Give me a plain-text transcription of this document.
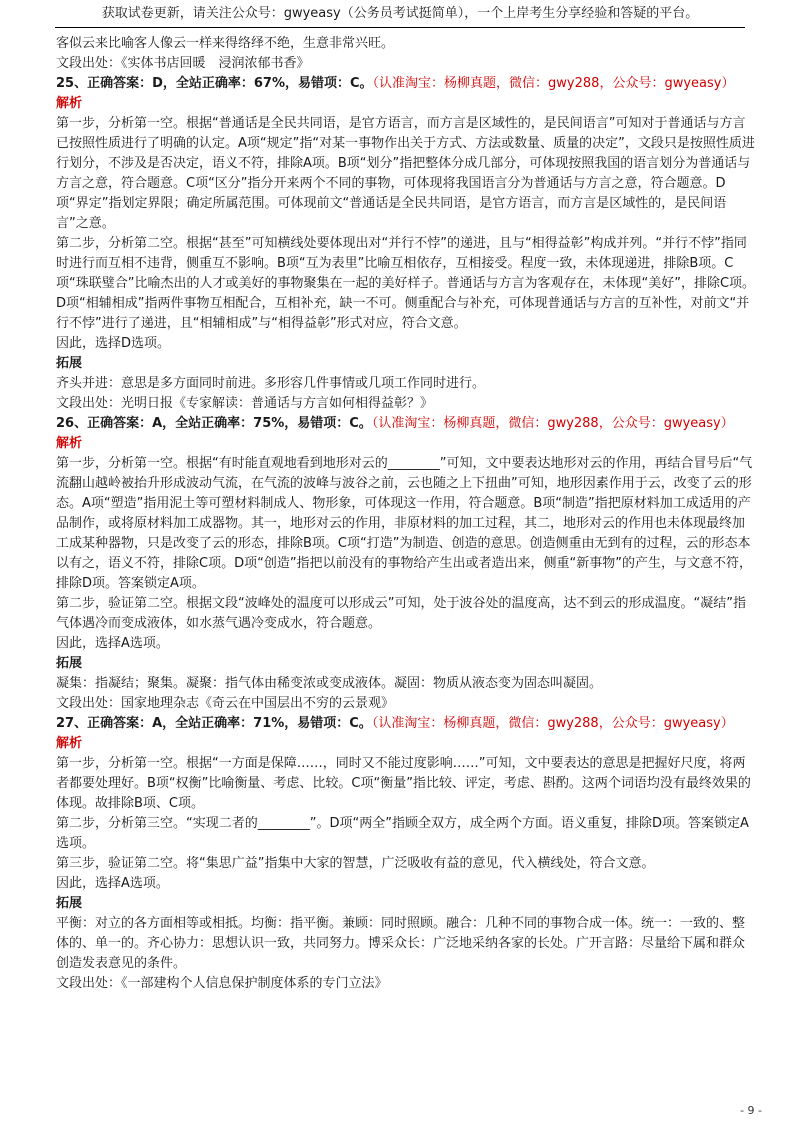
获取试卷更新，请关注公众号：gwyeasy（公务员考试挺简单），一个上岸考生分享经验和答疑的平台。

客似云来比喻客人像云一样来得络绎不绝，生意非常兴旺。

文段出处：《实体书店回暖　浸润浓郁书香》

25、正确答案：D，全站正确率：67%，易错项：C。（认准淘宝：杨柳真题，微信：gwy288，公众号：gwyeasy）

解析

第一步，分析第一空。根据“普通话是全民共同语，是官方语言，而方言是区域性的，是民间语言”可知对于普通话与方言已按照性质进行了明确的认定。A项“规定”指“对某一事物作出关于方式、方法或数量、质量的决定”，文段只是按照性质进行划分，不涉及是否决定，语义不符，排除A项。B项“划分”指把整体分成几部分，可体现按照我国的语言划分为普通话与方言之意，符合题意。C项“区分”指分开来两个不同的事物，可体现将我国语言分为普通话与方言之意，符合题意。D项“界定”指划定界限；确定所属范围。可体现前文“普通话是全民共同语，是官方语言，而方言是区域性的，是民间语言”之意。

第二步，分析第二空。根据“甚至”可知横线处要体现出对“并行不悖”的递进，且与“相得益彰”构成并列。“并行不悖”指同时进行而互相不违背，侧重互不影响。B项“互为表里”比喻互相依存，互相接受。程度一致，未体现递进，排除B项。C项“珠联璧合”比喻杰出的人才或美好的事物聚集在一起的美好样子。普通话与方言为客观存在，未体现“美好”，排除C项。D项“相辅相成”指两件事物互相配合，互相补充，缺一不可。侧重配合与补充，可体现普通话与方言的互补性，对前文“并行不悖”进行了递进，且“相辅相成”与“相得益彰”形式对应，符合文意。

因此，选择D选项。

拓展

齐头并进：意思是多方面同时前进。多形容几件事情或几项工作同时进行。

文段出处：光明日报《专家解读：普通话与方言如何相得益彰？》

26、正确答案：A，全站正确率：75%，易错项：C。（认准淘宝：杨柳真题，微信：gwy288，公众号：gwyeasy）

解析

第一步，分析第一空。根据“有时能直观地看到地形对云的________”可知，文中要表达地形对云的作用，再结合冒号后“气流翻山越岭被抬升形成波动气流，在气流的波峰与波谷之前，云也随之上下扭曲”可知，地形因素作用于云，改变了云的形态。A项“塑造”指用泥土等可塑材料制成人、物形象，可体现这一作用，符合题意。B项“制造”指把原材料加工成适用的产品制作，或将原材料加工成器物。其一，地形对云的作用，非原材料的加工过程，其二，地形对云的作用也未体现最终加工成某种器物，只是改变了云的形态，排除B项。C项“打造”为制造、创造的意思。创造侧重由无到有的过程，云的形态本以有之，语义不符，排除C项。D项“创造”指把以前没有的事物给产生出或者造出来，侧重“新事物”的产生，与文意不符，排除D项。答案锁定A项。

第二步，验证第二空。根据文段“波峰处的温度可以形成云”可知，处于波谷处的温度高，达不到云的形成温度。“凝结”指气体遇冷而变成液体，如水蒸气遇冷变成水，符合题意。

因此，选择A选项。

拓展

凝集：指凝结；聚集。凝聚：指气体由稀变浓或变成液体。凝固：物质从液态变为固态叫凝固。

文段出处：国家地理杂志《奇云在中国层出不穷的云景观》

27、正确答案：A，全站正确率：71%，易错项：C。（认准淘宝：杨柳真题，微信：gwy288，公众号：gwyeasy）

解析

第一步，分析第一空。根据“一方面是保障……，同时又不能过度影响……”可知，文中要表达的意思是把握好尺度，将两者都要处理好。B项“权衡”比喻衡量、考虑、比较。C项“衡量”指比较、评定，考虑、斟酌。这两个词语均没有最终效果的体现。故排除B项、C项。

第二步，分析第三空。“实现二者的________”。D项“两全”指顾全双方，成全两个方面。语义重复，排除D项。答案锁定A选项。

第三步，验证第二空。将“集思广益”指集中大家的智慧，广泛吸收有益的意见，代入横线处，符合文意。

因此，选择A选项。

拓展

平衡：对立的各方面相等或相抵。均衡：指平衡。兼顾：同时照顾。融合：几种不同的事物合成一体。统一：一致的、整体的、单一的。齐心协力：思想认识一致，共同努力。博采众长：广泛地采纳各家的长处。广开言路：尽量给下属和群众创造发表意见的条件。

文段出处：《一部建构个人信息保护制度体系的专门立法》

- 9 -
